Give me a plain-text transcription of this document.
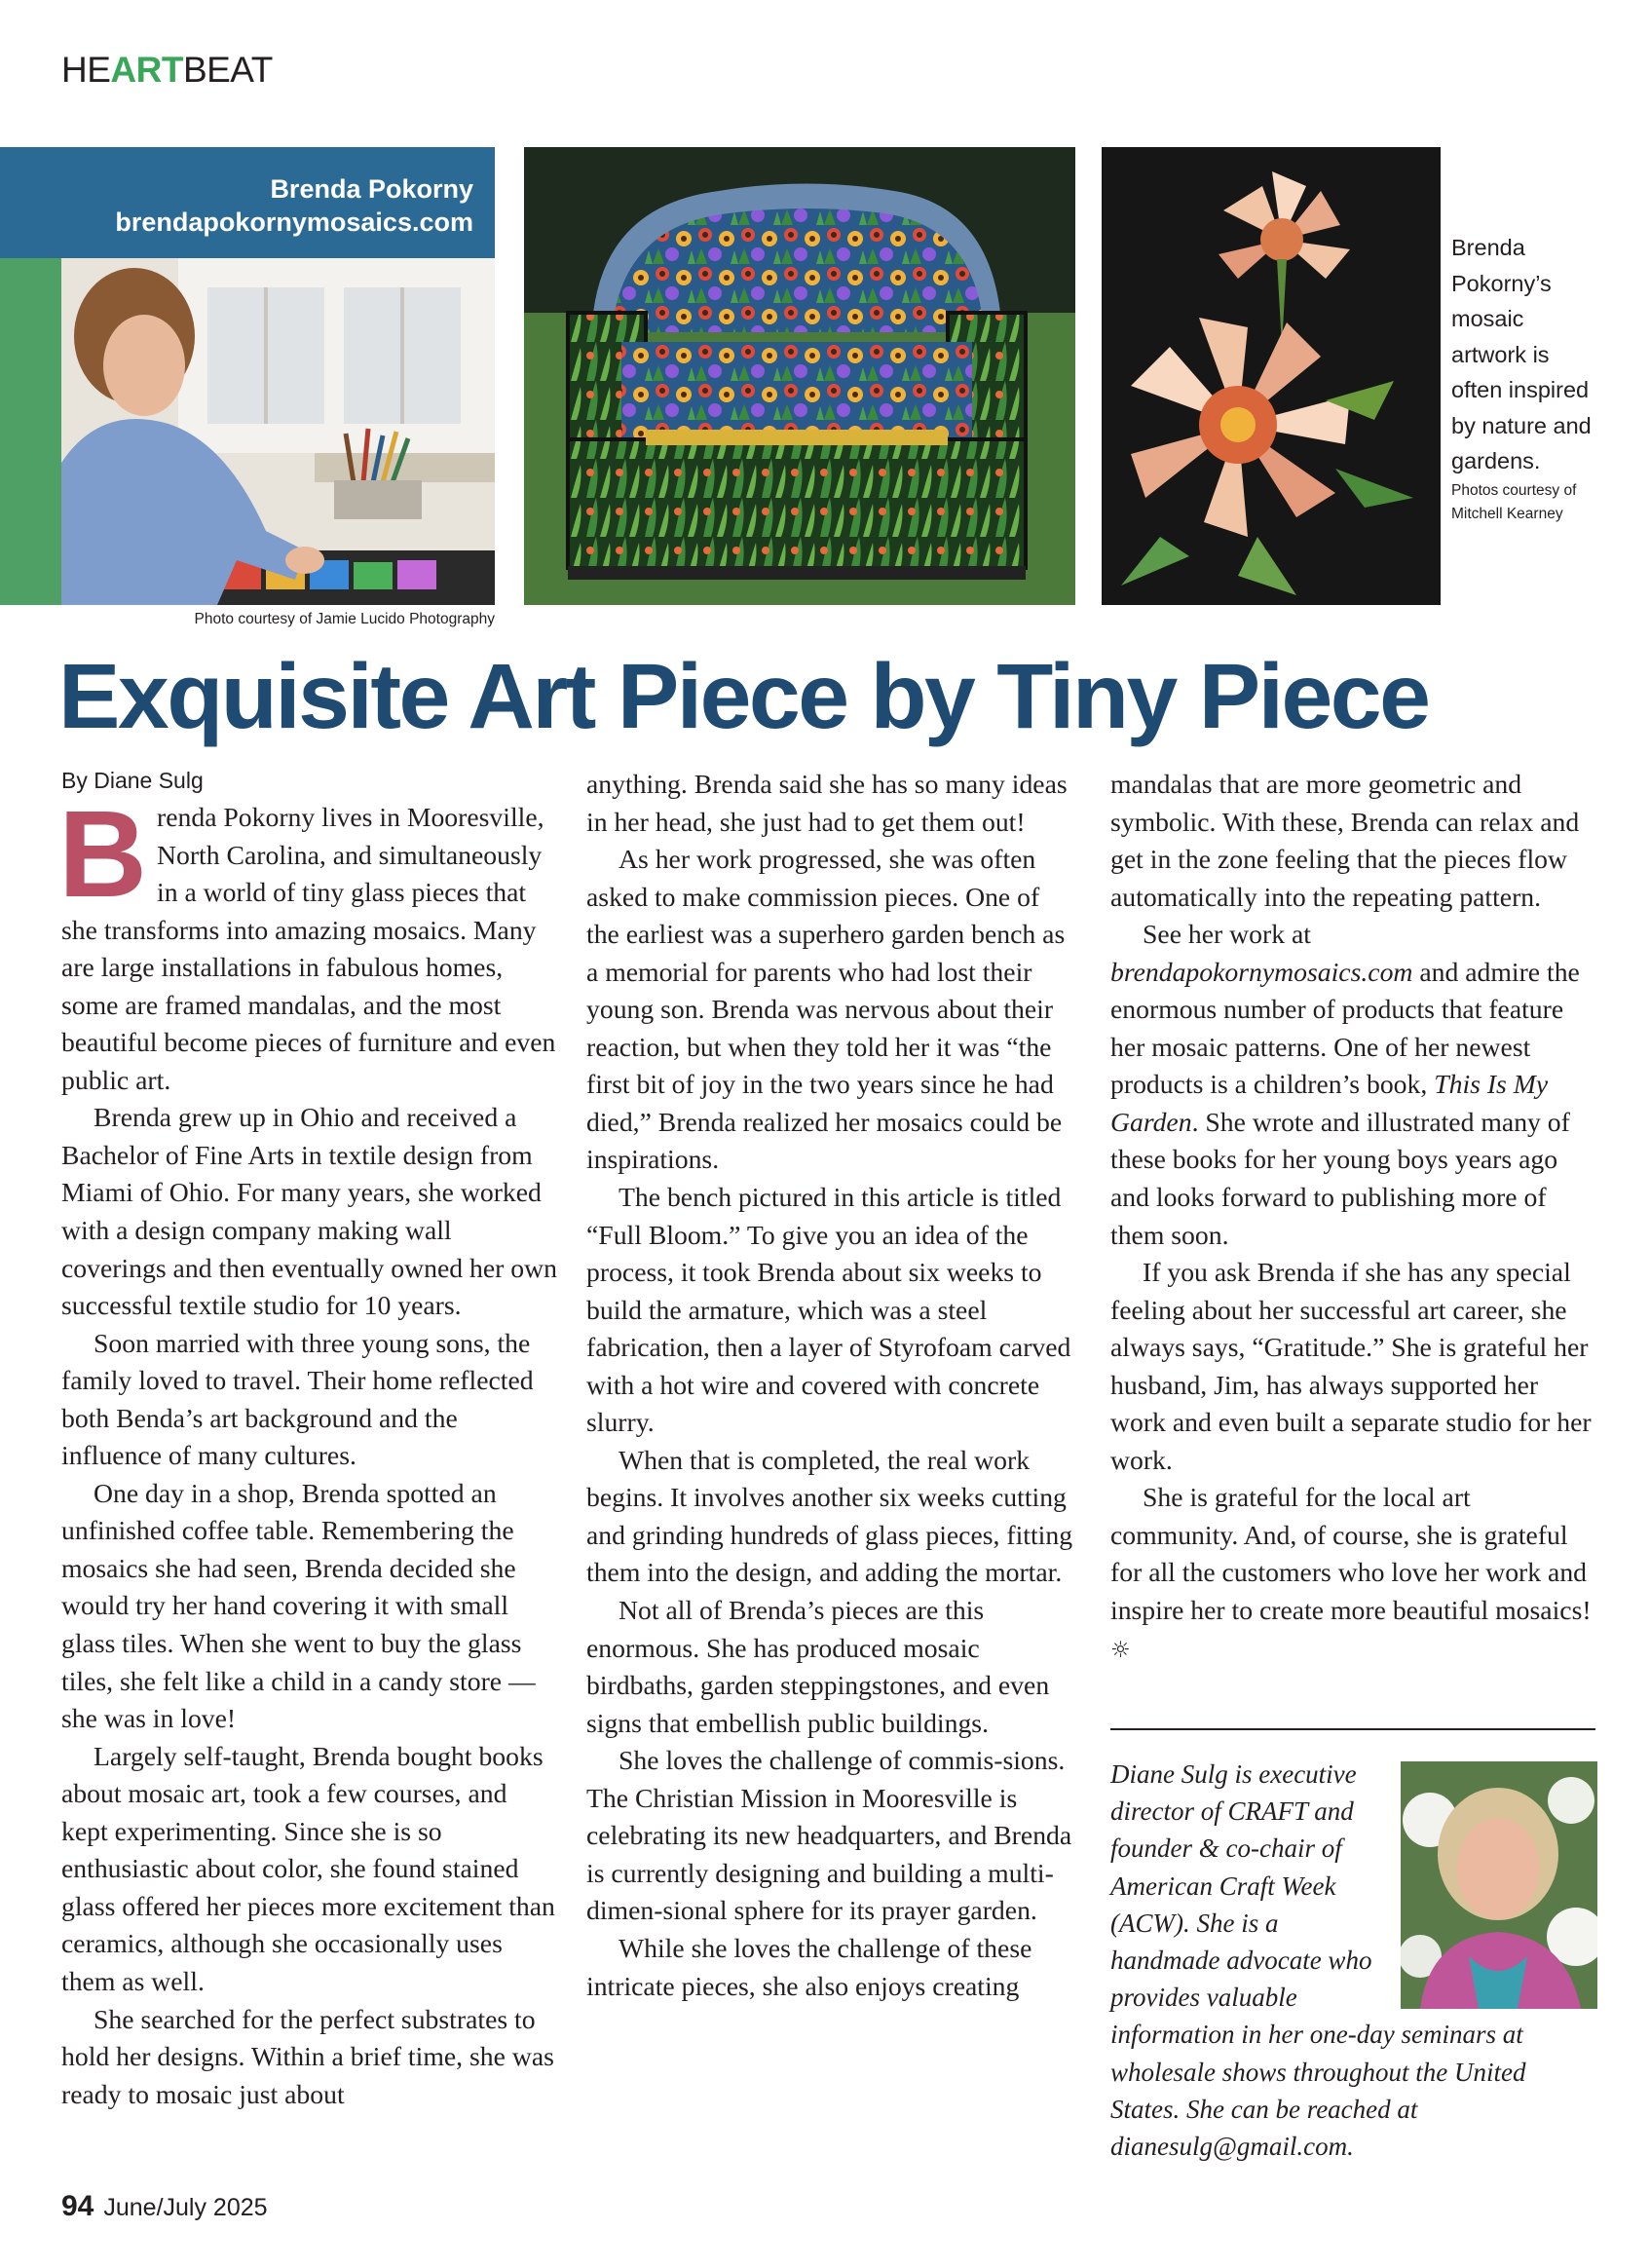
HEARTBEAT
Brenda Pokorny
brendapokornymosaics.com
Photo courtesy of Jamie Lucido Photography
Brenda Pokorny’s mosaic artwork is often inspired by nature and gardens.
Photos courtesy of Mitchell Kearney
Exquisite Art Piece by Tiny Piece
By Diane Sulg

Brenda Pokorny lives in Mooresville, North Carolina, and simultaneously in a world of tiny glass pieces that she transforms into amazing mosaics. Many are large installations in fabulous homes, some are framed mandalas, and the most beautiful become pieces of furniture and even public art.

Brenda grew up in Ohio and received a Bachelor of Fine Arts in textile design from Miami of Ohio. For many years, she worked with a design company making wall coverings and then eventually owned her own successful textile studio for 10 years.

Soon married with three young sons, the family loved to travel. Their home reflected both Benda’s art background and the influence of many cultures.

One day in a shop, Brenda spotted an unfinished coffee table. Remembering the mosaics she had seen, Brenda decided she would try her hand covering it with small glass tiles. When she went to buy the glass tiles, she felt like a child in a candy store — she was in love!

Largely self-taught, Brenda bought books about mosaic art, took a few courses, and kept experimenting. Since she is so enthusiastic about color, she found stained glass offered her pieces more excitement than ceramics, although she occasionally uses them as well.

She searched for the perfect substrates to hold her designs. Within a brief time, she was ready to mosaic just about

anything. Brenda said she has so many ideas in her head, she just had to get them out!

As her work progressed, she was often asked to make commission pieces. One of the earliest was a superhero garden bench as a memorial for parents who had lost their young son. Brenda was nervous about their reaction, but when they told her it was “the first bit of joy in the two years since he had died,” Brenda realized her mosaics could be inspirations.

The bench pictured in this article is titled “Full Bloom.” To give you an idea of the process, it took Brenda about six weeks to build the armature, which was a steel fabrication, then a layer of Styrofoam carved with a hot wire and covered with concrete slurry.

When that is completed, the real work begins. It involves another six weeks cutting and grinding hundreds of glass pieces, fitting them into the design, and adding the mortar.

Not all of Brenda’s pieces are this enormous. She has produced mosaic birdbaths, garden steppingstones, and even signs that embellish public buildings.

She loves the challenge of commis-sions. The Christian Mission in Mooresville is celebrating its new headquarters, and Brenda is currently designing and building a multi-dimen-sional sphere for its prayer garden.

While she loves the challenge of these intricate pieces, she also enjoys creating

mandalas that are more geometric and symbolic. With these, Brenda can relax and get in the zone feeling that the pieces flow automatically into the repeating pattern.

See her work at brendapokornymosaics.com and admire the enormous number of products that feature her mosaic patterns. One of her newest products is a children’s book, This Is My Garden. She wrote and illustrated many of these books for her young boys years ago and looks forward to publishing more of them soon.

If you ask Brenda if she has any special feeling about her successful art career, she always says, “Gratitude.” She is grateful her husband, Jim, has always supported her work and even built a separate studio for her work.

She is grateful for the local art community. And, of course, she is grateful for all the customers who love her work and inspire her to create more beautiful mosaics! ☼

Diane Sulg is executive director of CRAFT and founder & co-chair of American Craft Week (ACW). She is a handmade advocate who provides valuable information in her one-day seminars at wholesale shows throughout the United States. She can be reached at dianesulg@gmail.com.
94 June/July 2025
